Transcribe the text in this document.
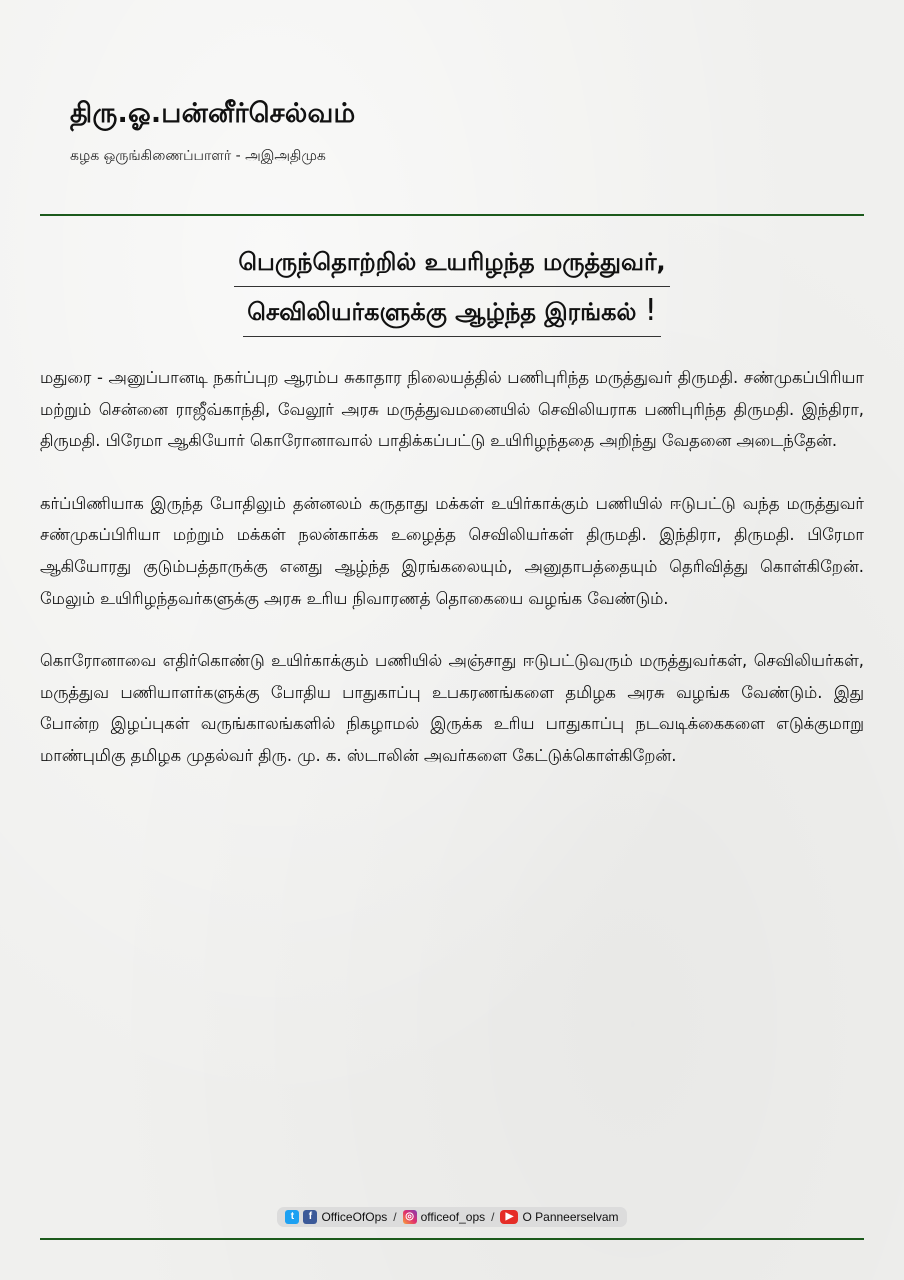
திரு.ஓ.பன்னீர்செல்வம்
கழக ஒருங்கிணைப்பாளர் - அஇஅதிமுக
பெருந்தொற்றில் உயரிழந்த மருத்துவர்,
செவிலியர்களுக்கு ஆழ்ந்த இரங்கல் !

மதுரை - அனுப்பானடி நகர்ப்புற ஆரம்ப சுகாதார நிலையத்தில் பணிபுரிந்த மருத்துவர் திருமதி. சண்முகப்பிரியா மற்றும் சென்னை ராஜீவ்காந்தி, வேலூர் அரசு மருத்துவமனையில் செவிலியராக பணிபுரிந்த திருமதி. இந்திரா, திருமதி. பிரேமா ஆகியோர் கொரோனாவால் பாதிக்கப்பட்டு உயிரிழந்ததை அறிந்து வேதனை அடைந்தேன்.

கர்ப்பிணியாக இருந்த போதிலும் தன்னலம் கருதாது மக்கள் உயிர்காக்கும் பணியில் ஈடுபட்டு வந்த மருத்துவர் சண்முகப்பிரியா மற்றும் மக்கள் நலன்காக்க உழைத்த செவிலியர்கள் திருமதி. இந்திரா, திருமதி. பிரேமா ஆகியோரது குடும்பத்தாருக்கு எனது ஆழ்ந்த இரங்கலையும், அனுதாபத்தையும் தெரிவித்து கொள்கிறேன். மேலும் உயிரிழந்தவர்களுக்கு அரசு உரிய நிவாரணத் தொகையை வழங்க வேண்டும்.

கொரோனாவை எதிர்கொண்டு உயிர்காக்கும் பணியில் அஞ்சாது ஈடுபட்டுவரும் மருத்துவர்கள், செவிலியர்கள், மருத்துவ பணியாளர்களுக்கு போதிய பாதுகாப்பு உபகரணங்களை தமிழக அரசு வழங்க வேண்டும். இது போன்ற இழப்புகள் வருங்காலங்களில் நிகழாமல் இருக்க உரிய பாதுகாப்பு நடவடிக்கைகளை எடுக்குமாறு மாண்புமிகு தமிழக முதல்வர் திரு. மு. க. ஸ்டாலின் அவர்களை கேட்டுக்கொள்கிறேன்.

t	f OfficeOfOps / ◎ officeof_ops /	▶ O Panneerselvam
